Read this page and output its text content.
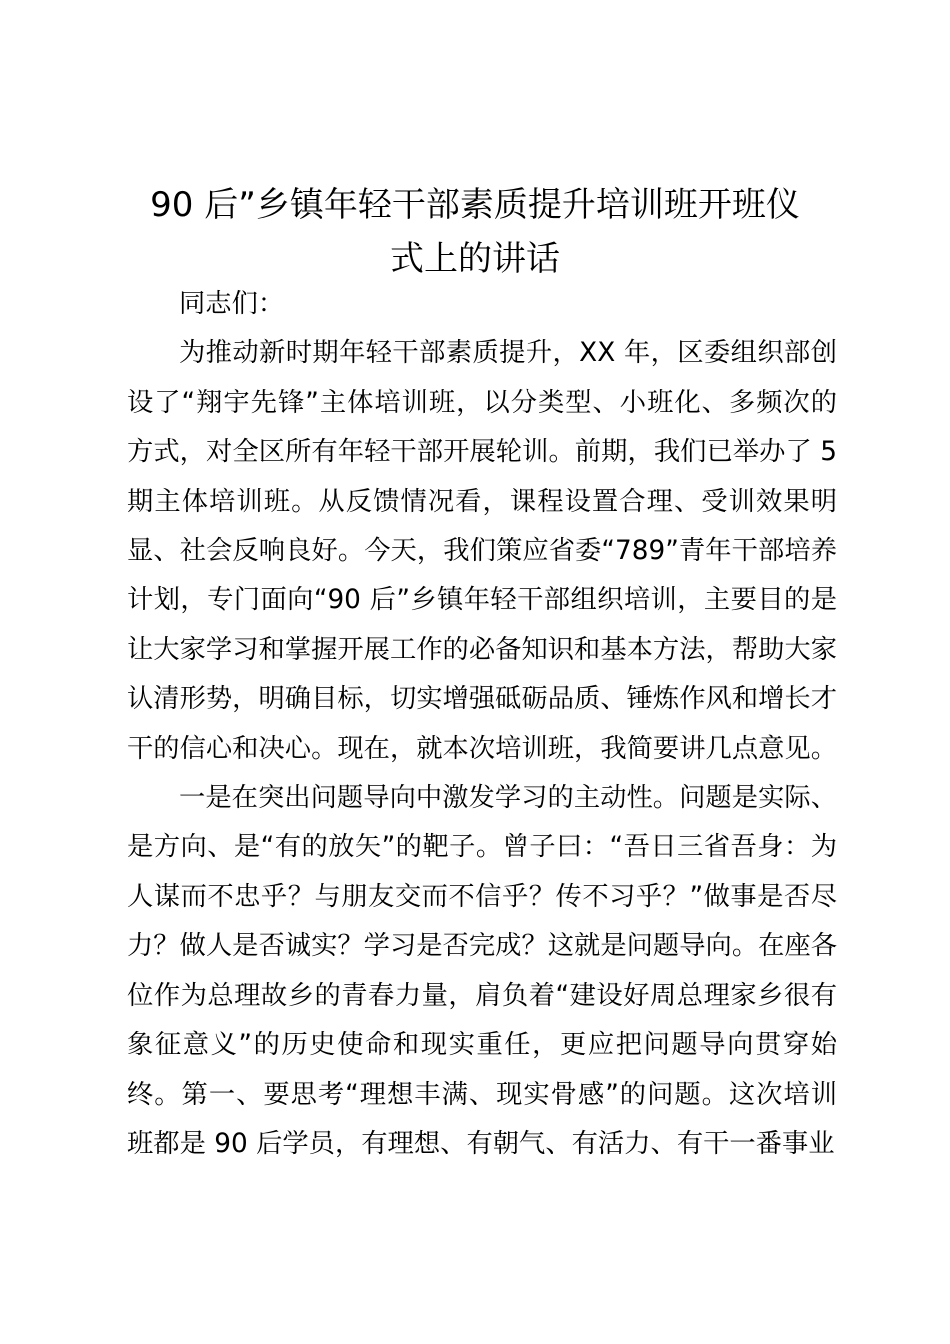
90 后”乡镇年轻干部素质提升培训班开班仪
式上的讲话

同志们：

为推动新时期年轻干部素质提升，XX 年，区委组织部创设了“翔宇先锋”主体培训班，以分类型、小班化、多频次的方式，对全区所有年轻干部开展轮训。前期，我们已举办了 5 期主体培训班。从反馈情况看，课程设置合理、受训效果明显、社会反响良好。今天，我们策应省委“789”青年干部培养计划，专门面向“90 后”乡镇年轻干部组织培训，主要目的是让大家学习和掌握开展工作的必备知识和基本方法，帮助大家认清形势，明确目标，切实增强砥砺品质、锤炼作风和增长才干的信心和决心。现在，就本次培训班，我简要讲几点意见。

一是在突出问题导向中激发学习的主动性。问题是实际、是方向、是“有的放矢”的靶子。曾子曰：“吾日三省吾身：为人谋而不忠乎？与朋友交而不信乎？传不习乎？”做事是否尽力？做人是否诚实？学习是否完成？这就是问题导向。在座各位作为总理故乡的青春力量，肩负着“建设好周总理家乡很有象征意义”的历史使命和现实重任，更应把问题导向贯穿始终。第一、要思考“理想丰满、现实骨感”的问题。这次培训班都是 90 后学员，有理想、有朝气、有活力、有干一番事业
